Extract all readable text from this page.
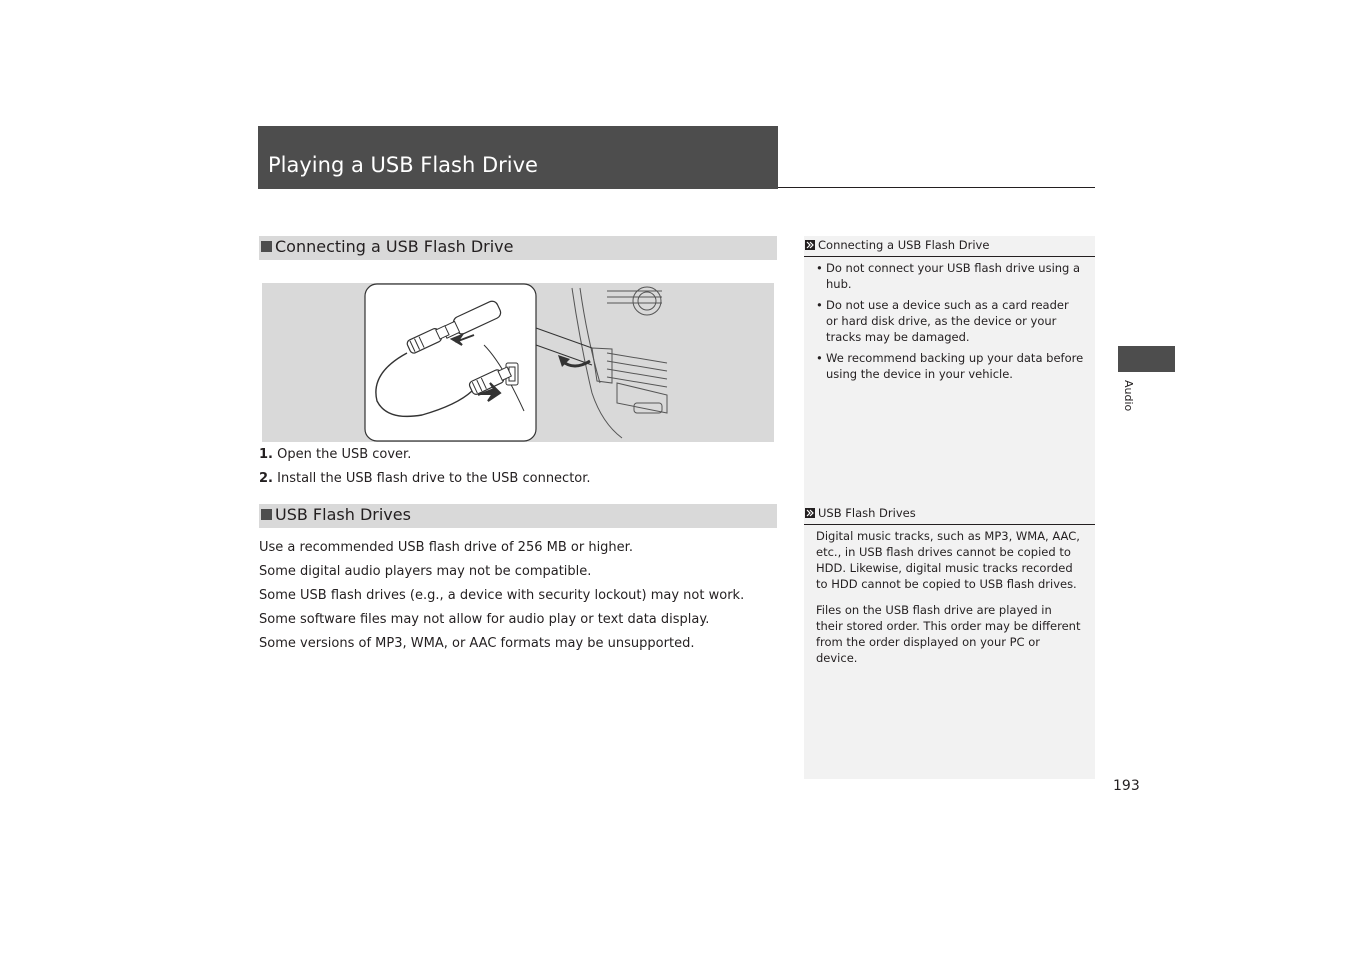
Playing a USB Flash Drive
Connecting a USB Flash Drive
1. Open the USB cover.
2. Install the USB flash drive to the USB connector.
USB Flash Drives
Use a recommended USB flash drive of 256 MB or higher.
Some digital audio players may not be compatible.
Some USB flash drives (e.g., a device with security lockout) may not work.
Some software files may not allow for audio play or text data display.
Some versions of MP3, WMA, or AAC formats may be unsupported.
Connecting a USB Flash Drive
• Do not connect your USB flash drive using a hub.
• Do not use a device such as a card reader or hard disk drive, as the device or your tracks may be damaged.
• We recommend backing up your data before using the device in your vehicle.
USB Flash Drives
Digital music tracks, such as MP3, WMA, AAC, etc., in USB flash drives cannot be copied to HDD. Likewise, digital music tracks recorded to HDD cannot be copied to USB flash drives.
Files on the USB flash drive are played in their stored order. This order may be different from the order displayed on your PC or device.
Audio
193
